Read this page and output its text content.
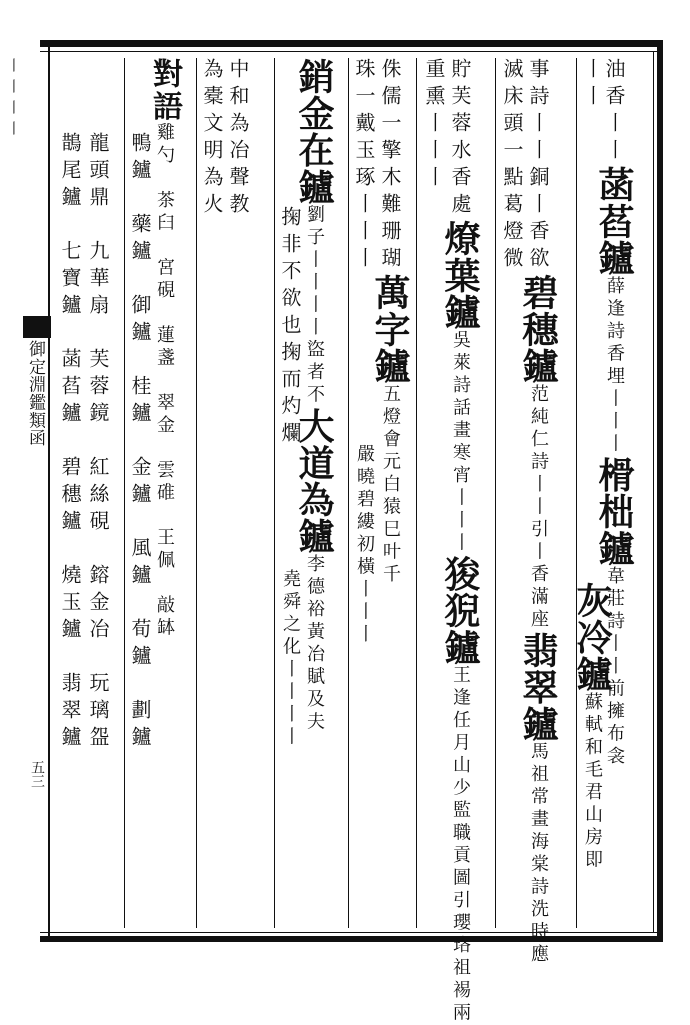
丨丨丨丨
御定淵鑑類函
五三
油香丨丨菡萏鑪薛逢詩香埋丨丨丨榾柮鑪韋莊詩丨丨前擁布衾
丨丨灰冷鑪蘇軾和毛君山房即
事詩丨丨銅丨香欲碧穗鑪范純仁詩丨丨引丨香滿座翡翠鑪馬祖常畫海棠詩洗時應
滅床頭一點葛燈微
貯芙蓉水香處燎葉鑪吳萊詩話畫寒宵丨丨丨狻猊鑪王逢任月山少監職貢圖引瓔珞祖裼兩
重熏丨丨丨
侏儒一擎木難珊瑚萬字鑪五燈會元白猿巳叶千
珠一戴玉琢丨丨丨嚴曉碧縷初橫丨丨丨
銷金在鑪劉子丨丨丨丨盜者不大道為鑪李德裕黃冶賦及夫
掬非不欲也掬而灼爛堯舜之化丨丨丨丨
中和為冶聲教
為橐文明為火
對語雞勺　茶臼　宮硯　蓮盞　翠金　雲碓　王佩　敲缽
鴨鑪　藥鑪　御鑪　桂鑪　金鑪　風鑪　荀鑪　劃鑪
龍頭鼎　九華扇　芙蓉鏡　紅絲硯　鎔金冶　玩璃盌
鵲尾鑪　七寶鑪　菡萏鑪　碧穗鑪　燒玉鑪　翡翠鑪
